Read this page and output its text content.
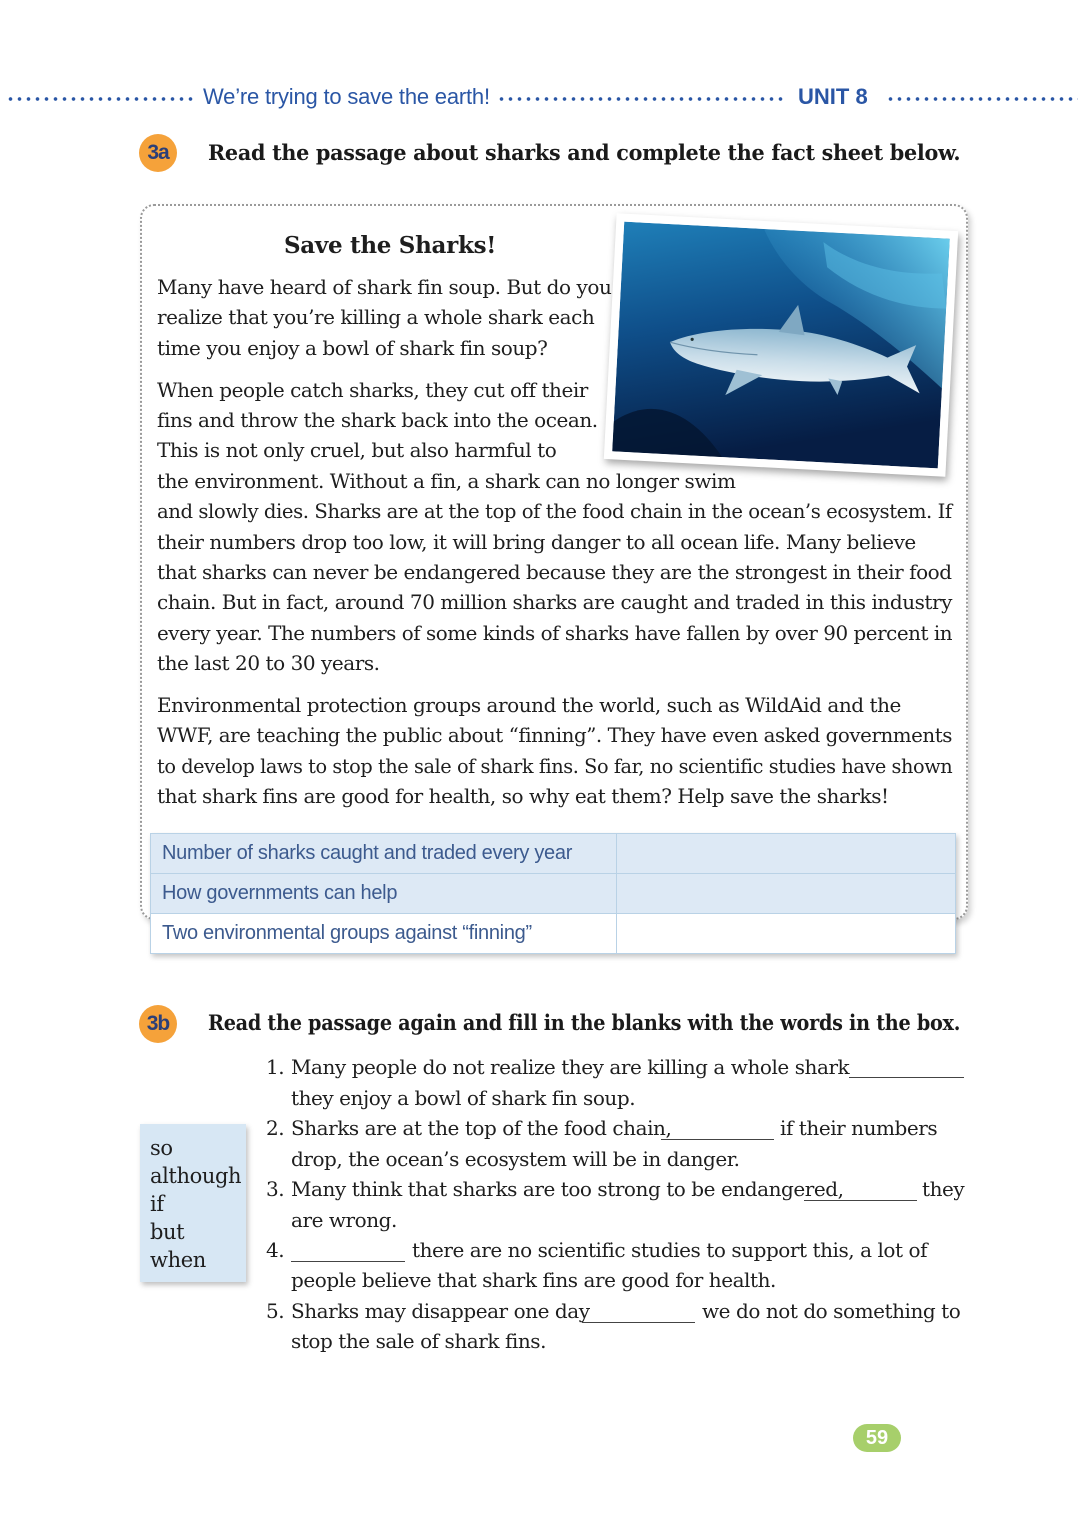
We’re trying to save the earth!	UNIT 8
3a	Read the passage about sharks and complete the fact sheet below.
Save the Sharks!
Many have heard of shark fin soup. But do you
realize that you’re killing a whole shark each
time you enjoy a bowl of shark fin soup?
When people catch sharks, they cut off their
fins and throw the shark back into the ocean.
This is not only cruel, but also harmful to
the environment. Without a fin, a shark can no longer swim
and slowly dies. Sharks are at the top of the food chain in the ocean’s ecosystem. If
their numbers drop too low, it will bring danger to all ocean life. Many believe
that sharks can never be endangered because they are the strongest in their food
chain. But in fact, around 70 million sharks are caught and traded in this industry
every year. The numbers of some kinds of sharks have fallen by over 90 percent in
the last 20 to 30 years.
Environmental protection groups around the world, such as WildAid and the
WWF, are teaching the public about “finning”. They have even asked governments
to develop laws to stop the sale of shark fins. So far, no scientific studies have shown
that shark fins are good for health, so why eat them? Help save the sharks!
Number of sharks caught and traded every year	
How governments can help	
Two environmental groups against “finning”	
3b	Read the passage again and fill in the blanks with the words in the box.
so
although
if
but
when
1. Many people do not realize they are killing a whole shark
they enjoy a bowl of shark fin soup.
2. Sharks are at the top of the food chain,	if their numbers
drop, the ocean’s ecosystem will be in danger.
3. Many think that sharks are too strong to be endangered,	they
are wrong.
4.	there are no scientific studies to support this, a lot of
people believe that shark fins are good for health.
5. Sharks may disappear one day	we do not do something to
stop the sale of shark fins.
59
